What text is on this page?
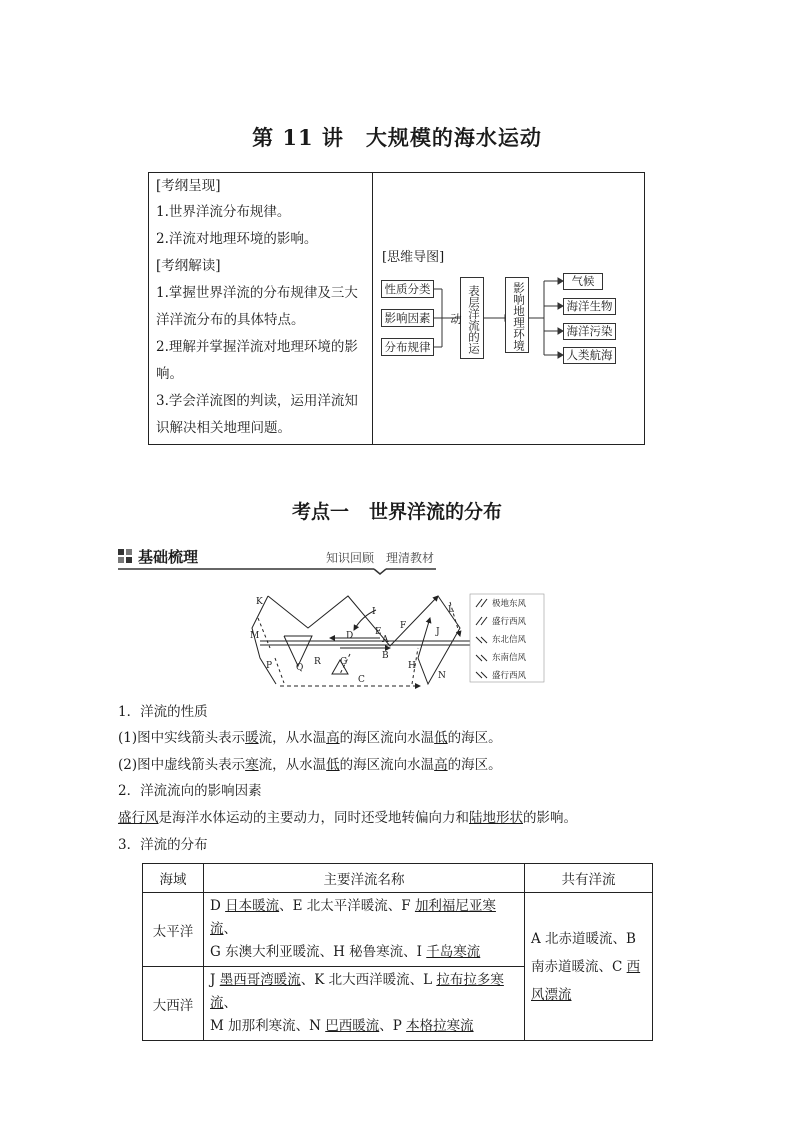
第 11 讲 大规模的海水运动
[考纲呈现]
1.世界洋流分布规律。
2.洋流对地理环境的影响。
[考纲解读]
1.掌握世界洋流的分布规律及三大
洋洋流分布的具体特点。
2.理解并掌握洋流对地理环境的影
响。
3.学会洋流图的判读，运用洋流知
识解决相关地理问题。
[思维导图]
性质分类
影响因素
分布规律	表层洋流的运动	影响地理环境
气候
海洋生物
海洋污染
人类航海
考点一 世界洋流的分布
基础梳理	知识回顾　理清教材
K
M
P	Q
R G
D
I
E
F
A
B
C
H
N
J
L
极地东风
盛行西风
东北信风
东南信风
盛行西风
1．洋流的性质
(1)图中实线箭头表示暖流，从水温高的海区流向水温低的海区。
(2)图中虚线箭头表示寒流，从水温低的海区流向水温高的海区。
2．洋流流向的影响因素
盛行风是海洋水体运动的主要动力，同时还受地转偏向力和陆地形状的影响。
3．洋流的分布
海域	主要洋流名称	共有洋流
太平洋	D 日本暖流、E 北太平洋暖流、F 加利福尼亚寒流、
G 东澳大利亚暖流、H 秘鲁寒流、I 千岛寒流	A 北赤道暖流、B
南赤道暖流、C 西
风漂流
大西洋	J 墨西哥湾暖流、K 北大西洋暖流、L 拉布拉多寒流、
M 加那利寒流、N 巴西暖流、P 本格拉寒流	
